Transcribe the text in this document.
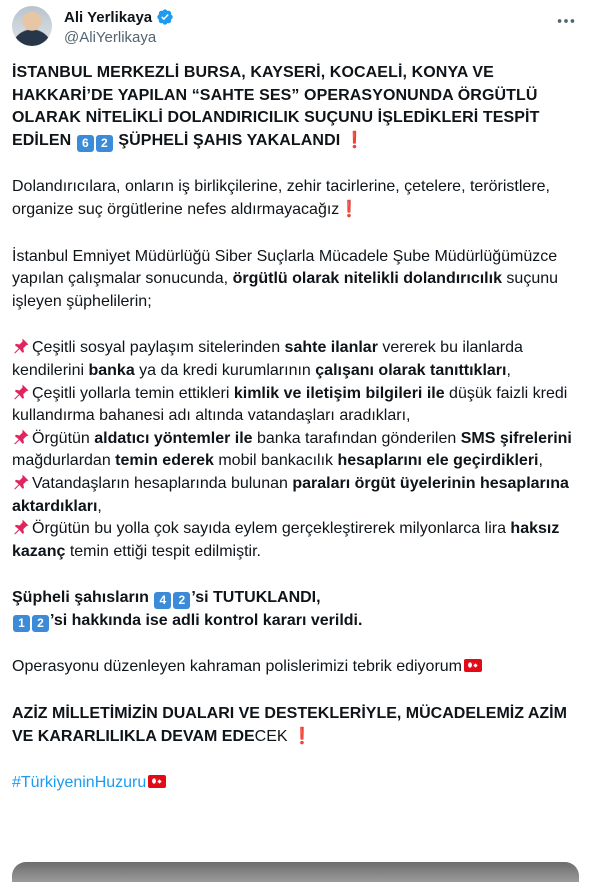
Ali Yerlikaya
@AliYerlikaya

İSTANBUL MERKEZLİ BURSA, KAYSERİ, KOCAELİ, KONYA VE HAKKARİ’DE YAPILAN “SAHTE SES” OPERASYONUNDA ÖRGÜTLÜ OLARAK NİTELİKLİ DOLANDIRICILIK SUÇUNU İŞLEDİKLERİ TESPİT EDİLEN 6 2 ŞÜPHELİ ŞAHIS YAKALANDI ❗

Dolandırıcılara, onların iş birlikçilerine, zehir tacirlerine, çetelere, teröristlere, organize suç örgütlerine nefes aldırmayacağız❗

İstanbul Emniyet Müdürlüğü Siber Suçlarla Mücadele Şube Müdürlüğümüzce yapılan çalışmalar sonucunda, örgütlü olarak nitelikli dolandırıcılık suçunu işleyen şüphelilerin;

Çeşitli sosyal paylaşım sitelerinden sahte ilanlar vererek bu ilanlarda kendilerini banka ya da kredi kurumlarının çalışanı olarak tanıttıkları,
Çeşitli yollarla temin ettikleri kimlik ve iletişim bilgileri ile düşük faizli kredi kullandırma bahanesi adı altında vatandaşları aradıkları,
Örgütün aldatıcı yöntemler ile banka tarafından gönderilen SMS şifrelerini mağdurlardan temin ederek mobil bankacılık hesaplarını ele geçirdikleri,
Vatandaşların hesaplarında bulunan paraları örgüt üyelerinin hesaplarına aktardıkları,
Örgütün bu yolla çok sayıda eylem gerçekleştirerek milyonlarca lira haksız kazanç temin ettiği tespit edilmiştir.

Şüpheli şahısların 4 2 ’si TUTUKLANDI,
1 2 ’si hakkında ise adli kontrol kararı verildi.

Operasyonu düzenleyen kahraman polislerimizi tebrik ediyorum

AZİZ MİLLETİMİZİN DUALARI VE DESTEKLERİYLE, MÜCADELEMİZ AZİM VE KARARLILIKLA DEVAM EDECEK ❗

#TürkiyeninHuzuru
